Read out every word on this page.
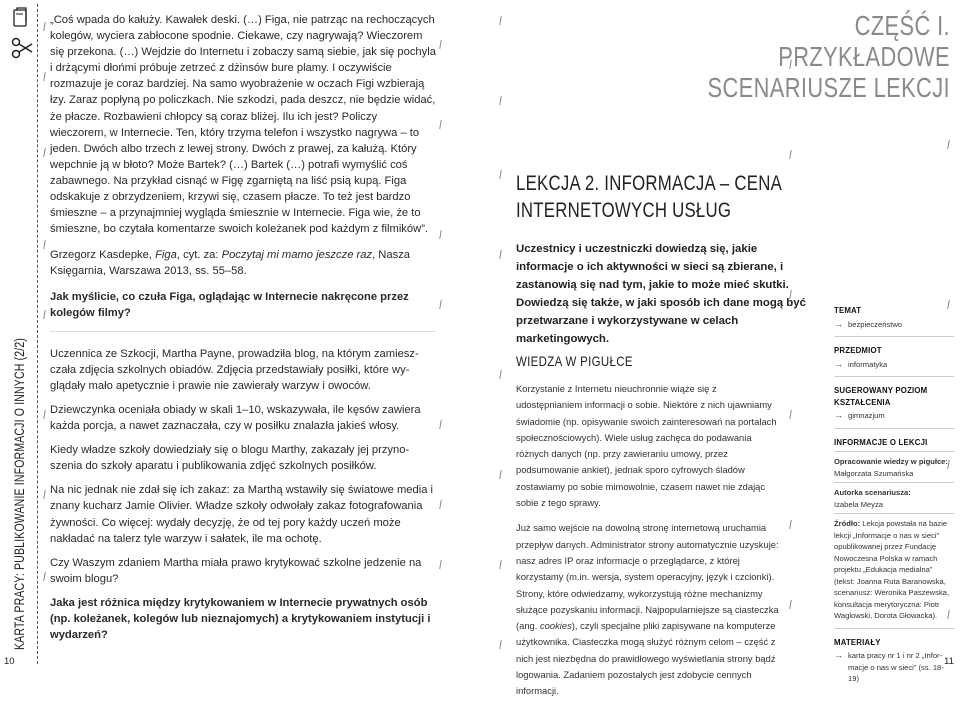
KARTA PRACY: PUBLIKOWANIE INFORMACJI O INNYCH (2/2)
10

„Coś wpada do kałuży. Kawałek deski. (…) Figa, nie patrząc na rechoczących kolegów, wyciera zabłocone spodnie. Ciekawe, czy nagrywają? Wieczorem się przekona. (…) Wejdzie do Internetu i zobaczy samą siebie, jak się pochyla i drżącymi dłońmi próbuje zetrzeć z dżinsów bure plamy. I oczywiście rozmazuje je coraz bardziej. Na samo wyobrażenie w oczach Figi wzbierają łzy. Zaraz popłyną po policzkach. Nie szkodzi, pada deszcz, nie będzie widać, że płacze. Rozbawieni chłopcy są coraz bliżej. Ilu ich jest? Policzy wieczorem, w Internecie. Ten, który trzyma telefon i wszystko nagrywa – to jeden. Dwóch albo trzech z lewej strony. Dwóch z prawej, za kałużą. Który wepchnie ją w błoto? Może Bartek? (…) Bartek (…) potrafi wymyślić coś zabawnego. Na przykład cisnąć w Figę zgarniętą na liść psią kupą. Figa odskakuje z obrzydzeniem, krzywi się, czasem płacze. To też jest bardzo śmieszne – a przynajmniej wygląda śmiesznie w Internecie. Figa wie, że to śmieszne, bo czytała komentarze swoich koleżanek pod każdym z filmików”.

Grzegorz Kasdepke, Figa, cyt. za: Poczytaj mi mamo jeszcze raz, Nasza Księgarnia, Warszawa 2013, ss. 55–58.

Jak myślicie, co czuła Figa, oglądając w Internecie nakręcone przez kolegów filmy?

Uczennica ze Szkocji, Martha Payne, prowadziła blog, na którym zamieszczała zdjęcia szkolnych obiadów. Zdjęcia przedstawiały posiłki, które wyglądały mało apetycznie i prawie nie zawierały warzyw i owoców.

Dziewczynka oceniała obiady w skali 1–10, wskazywała, ile kęsów zawiera każda porcja, a nawet zaznaczała, czy w posiłku znalazła jakieś włosy.

Kiedy władze szkoły dowiedziały się o blogu Marthy, zakazały jej przynoszenia do szkoły aparatu i publikowania zdjęć szkolnych posiłków.

Na nic jednak nie zdał się ich zakaz: za Marthą wstawiły się światowe media i znany kucharz Jamie Olivier. Władze szkoły odwołały zakaz fotografowania żywności. Co więcej: wydały decyzję, że od tej pory każdy uczeń może nakładać na talerz tyle warzyw i sałatek, ile ma ochotę.

Czy Waszym zdaniem Martha miała prawo krytykować szkolne jedzenie na swoim blogu?

Jaka jest różnica między krytykowaniem w Internecie prywatnych osób (np. koleżanek, kolegów lub nieznajomych) a krytykowaniem instytucji i wydarzeń?

CZĘŚĆ I. PRZYKŁADOWE
SCENARIUSZE LEKCJI
LEKCJA 2. INFORMACJA – CENA
INTERNETOWYCH USŁUG
Uczestnicy i uczestniczki dowiedzą się, jakie informacje o ich aktywności w sieci są zbierane, i zastanowią się nad tym, jakie to może mieć skutki. Dowiedzą się także, w jaki sposób ich dane mogą być przetwarzane i wykorzystywane w celach marketingowych.
WIEDZA W PIGUŁCE

Korzystanie z Internetu nieuchronnie wiąże się z udostępnianiem informacji o sobie. Niektóre z nich ujawniamy świadomie (np. opisywanie swoich zainteresowań na portalach społecznościowych). Wiele usług zachęca do podawania różnych danych (np. przy zawieraniu umowy, przez podsumowanie ankiet), jednak sporo cyfrowych śladów zostawiamy po sobie mimowolnie, czasem nawet nie zdając sobie z tego sprawy.

Już samo wejście na dowolną stronę internetową uruchamia przepływ danych. Administrator strony automatycznie uzyskuje: nasz adres IP oraz informacje o przeglądarce, z której korzystamy (m.in. wersja, system operacyjny, język i czcionki). Strony, które odwiedzamy, wykorzystują różne mechanizmy służące pozyskaniu informacji. Najpopularniejsze są ciasteczka (ang. cookies), czyli specjalne pliki zapisywane na komputerze użytkownika. Ciasteczka mogą służyć różnym celom – część z nich jest niezbędna do prawidłowego wyświetlania strony bądź logowania. Zadaniem pozostałych jest zdobycie cennych informacji.

TEMAT
→ bezpieczeństwo
PRZEDMIOT
→ informatyka
SUGEROWANY POZIOM
KSZTAŁCENIA
→ gimnazjum
INFORMACJE O LEKCJI
Opracowanie wiedzy w pigułce:
Małgorzata Szumańska
Autorka scenariusza:
Izabela Meyza
Źródło: Lekcja powstała na bazie lekcji „Informacje o nas w sieci” opublikowanej przez Fundację Nowoczesna Polska w ramach projektu „Edukacja medialna” (tekst: Joanna Ruta Baranowska, scenariusz: Weronika Paszewska, konsultacja merytoryczna: Piotr Waglowski, Dorota Głowacka).
MATERIAŁY
→ karta pracy nr 1 i nr 2 „Informacje o nas w sieci” (ss. 18-19)
11
